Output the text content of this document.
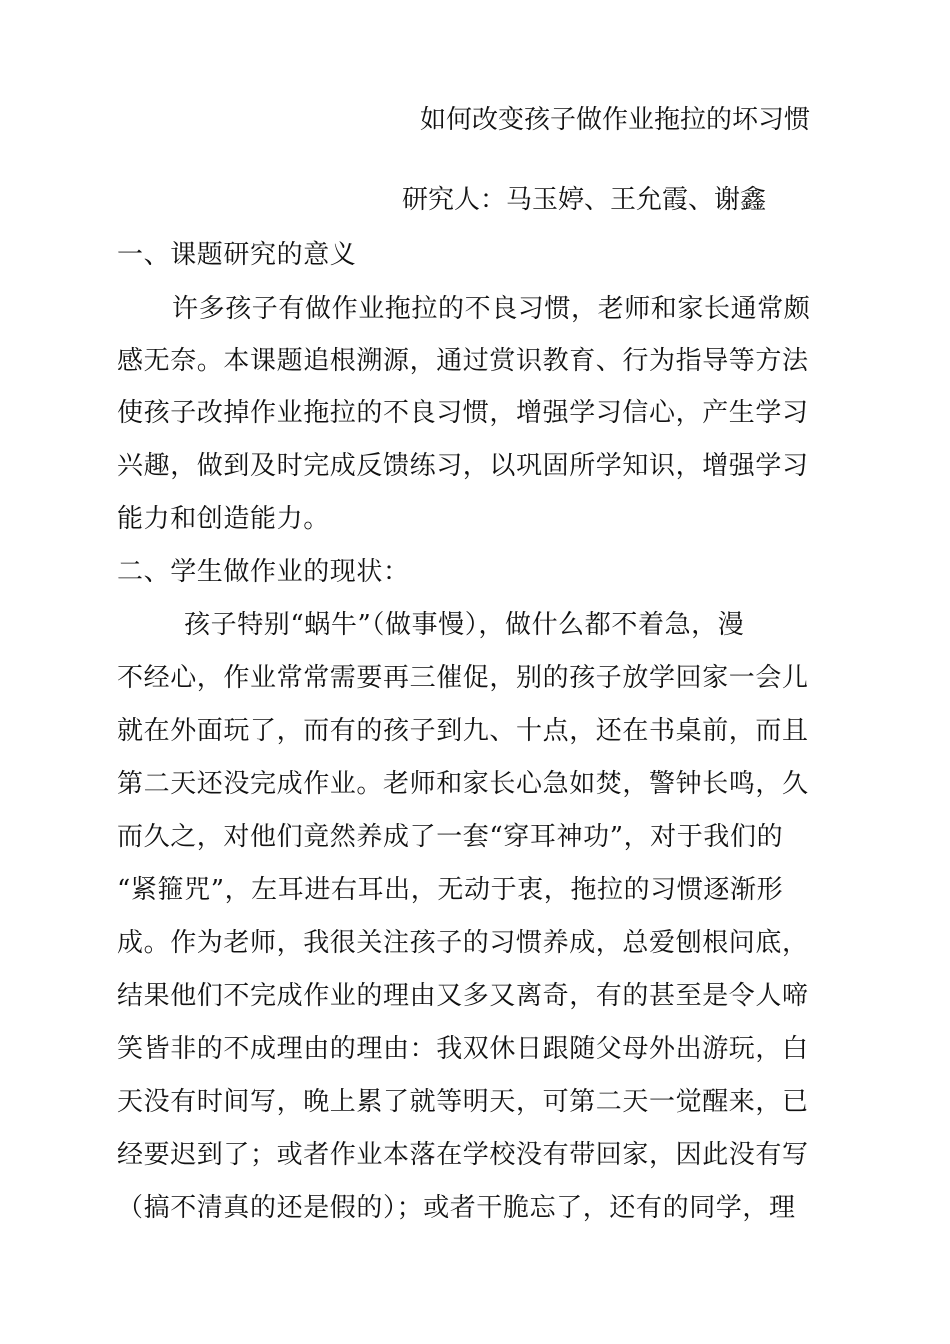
如何改变孩子做作业拖拉的坏习惯
研究人：马玉婷、王允霞、谢鑫
一、课题研究的意义
许多孩子有做作业拖拉的不良习惯，老师和家长通常颇
感无奈。本课题追根溯源，通过赏识教育、行为指导等方法
使孩子改掉作业拖拉的不良习惯，增强学习信心，产生学习
兴趣，做到及时完成反馈练习，以巩固所学知识，增强学习
能力和创造能力。
二、学生做作业的现状：
孩子特别“蜗牛”（做事慢），做什么都不着急，漫
不经心，作业常常需要再三催促，别的孩子放学回家一会儿
就在外面玩了，而有的孩子到九、十点，还在书桌前，而且
第二天还没完成作业。老师和家长心急如焚，警钟长鸣，久
而久之，对他们竟然养成了一套“穿耳神功”，对于我们的
“紧箍咒”，左耳进右耳出，无动于衷，拖拉的习惯逐渐形
成。作为老师，我很关注孩子的习惯养成，总爱刨根问底，
结果他们不完成作业的理由又多又离奇，有的甚至是令人啼
笑皆非的不成理由的理由：我双休日跟随父母外出游玩，白
天没有时间写，晚上累了就等明天，可第二天一觉醒来，已
经要迟到了；或者作业本落在学校没有带回家，因此没有写
（搞不清真的还是假的）；或者干脆忘了，还有的同学，理
